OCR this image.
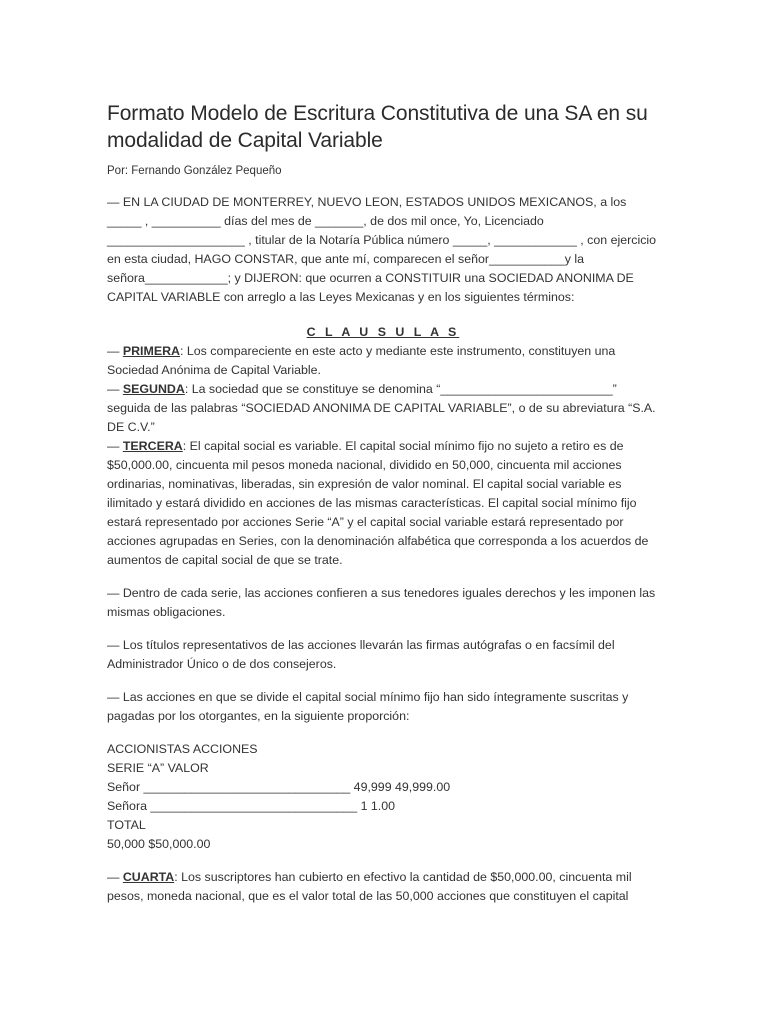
Formato Modelo de Escritura Constitutiva de una SA en su modalidad de Capital Variable
Por: Fernando González Pequeño

— EN LA CIUDAD DE MONTERREY, NUEVO LEON, ESTADOS UNIDOS MEXICANOS, a los _____ , __________ días del mes de _______, de dos mil once, Yo, Licenciado ____________________ , titular de la Notaría Pública número _____, ____________ , con ejercicio en esta ciudad, HAGO CONSTAR, que ante mí, comparecen el señor___________y la señora____________; y DIJERON: que ocurren a CONSTITUIR una SOCIEDAD ANONIMA DE CAPITAL VARIABLE con arreglo a las Leyes Mexicanas y en los siguientes términos:

C L A U S U L A S

— PRIMERA: Los compareciente en este acto y mediante este instrumento, constituyen una Sociedad Anónima de Capital Variable.

— SEGUNDA: La sociedad que se constituye se denomina “_________________________” seguida de las palabras “SOCIEDAD ANONIMA DE CAPITAL VARIABLE”, o de su abreviatura “S.A. DE C.V.”

— TERCERA: El capital social es variable. El capital social mínimo fijo no sujeto a retiro es de $50,000.00, cincuenta mil pesos moneda nacional, dividido en 50,000, cincuenta mil acciones ordinarias, nominativas, liberadas, sin expresión de valor nominal. El capital social variable es ilimitado y estará dividido en acciones de las mismas características. El capital social mínimo fijo estará representado por acciones Serie “A” y el capital social variable estará representado por acciones agrupadas en Series, con la denominación alfabética que corresponda a los acuerdos de aumentos de capital social de que se trate.

— Dentro de cada serie, las acciones confieren a sus tenedores iguales derechos y les imponen las mismas obligaciones.

— Los títulos representativos de las acciones llevarán las firmas autógrafas o en facsímil del Administrador Único o de dos consejeros.

— Las acciones en que se divide el capital social mínimo fijo han sido íntegramente suscritas y pagadas por los otorgantes, en la siguiente proporción:

ACCIONISTAS ACCIONES
SERIE “A” VALOR
Señor ______________________________ 49,999 49,999.00
Señora ______________________________ 1 1.00
TOTAL
50,000 $50,000.00

— CUARTA: Los suscriptores han cubierto en efectivo la cantidad de $50,000.00, cincuenta mil pesos, moneda nacional, que es el valor total de las 50,000 acciones que constituyen el capital
